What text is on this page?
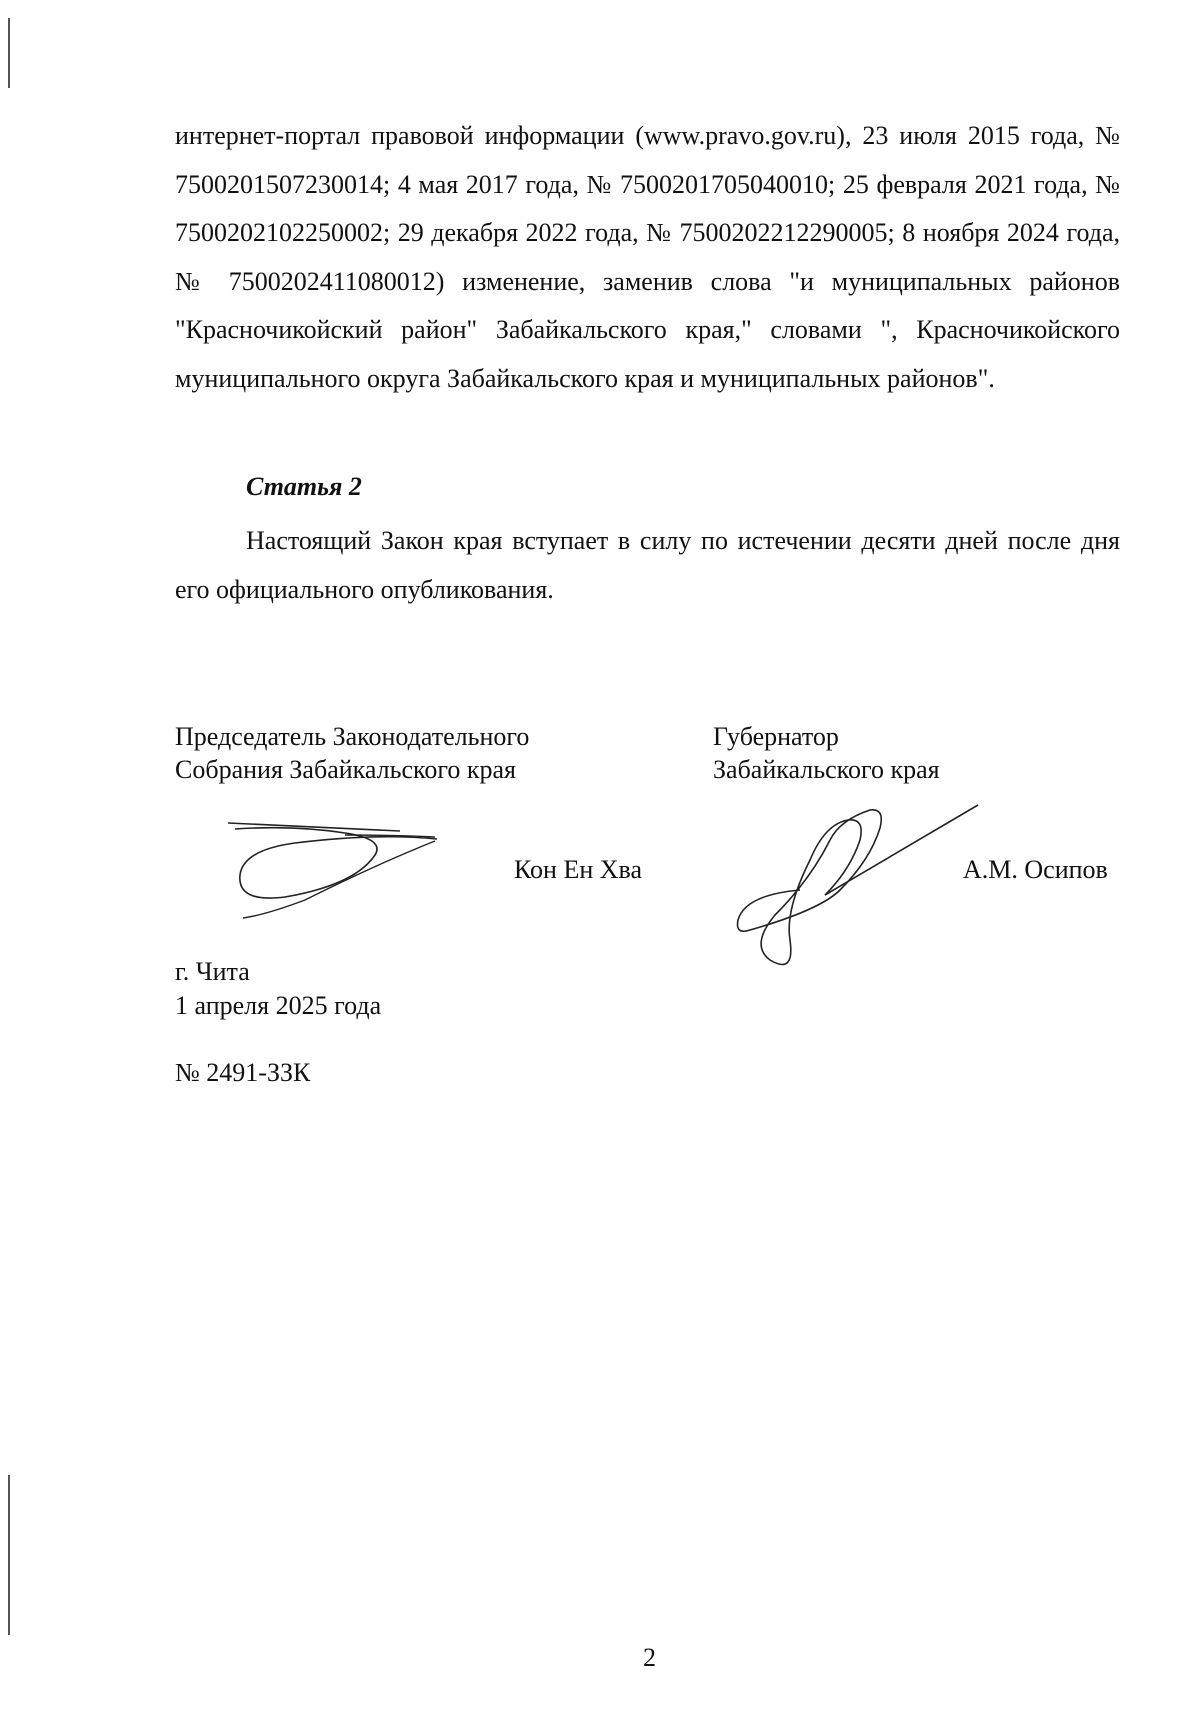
интернет-портал правовой информации (www.pravo.gov.ru), 23 июля 2015 года, № 7500201507230014; 4 мая 2017 года, № 7500201705040010; 25 февраля 2021 года, № 7500202102250002; 29 декабря 2022 года, № 7500202212290005; 8 ноября 2024 года, № 7500202411080012) изменение, заменив слова "и муниципальных районов "Красночикойский район" Забайкальского края," словами ", Красночикойского муниципального округа Забайкальского края и муниципальных районов".

Статья 2

Настоящий Закон края вступает в силу по истечении десяти дней после дня его официального опубликования.

Председатель Законодательного
Собрания Забайкальского края
Губернатор
Забайкальского края
Кон Ен Хва	А.М. Осипов
г. Чита
1 апреля 2025 года
№ 2491-ЗЗК
2
